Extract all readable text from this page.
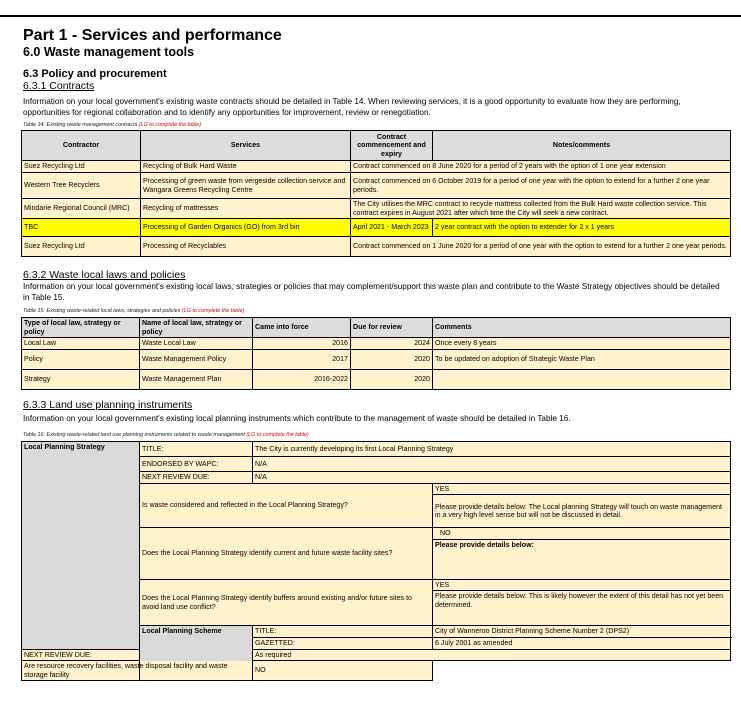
Part 1 - Services and performance
6.0 Waste management tools
6.3 Policy and procurement
6.3.1 Contracts
Information on your local government's existing waste contracts should be detailed in Table 14. When reviewing services, it is a good opportunity to evaluate how they are performing, opportunities for regional collaboration and to identify any opportunities for improvement, review or renegotiation.
Table 14: Existing waste management contracts (LG to complete the table)
Contractor	Services	Contract commencement and expiry	Notes/comments
Suez Recycling Ltd	Recycling of Bulk Hard Waste	Contract commenced on 8 June 2020 for a period of 2 years with the option of 1 one year extension	
Western Tree Recyclers	Processing of green waste from vergeside collection service and Wangara Greens Recycling Centre	Contract commenced on 6 October 2019 for a period of one year with the option to extend for a further 2 one year periods.	
Mindarie Regional Council (MRC)	Recycling of mattresses	The City utilises the MRC contract to recycle mattress collected from the Bulk Hard waste collection service. This contract expires in August 2021 after which time the City will seek a new contract.	
TBC	Processing of Garden Organics (GO) from 3rd bin	April 2021 - March 2023	2 year contract with the option to extender for 2 x 1 years
Suez Recycling Ltd	Processing of Recyclables	Contract commenced on 1 June 2020 for a period of one year with the option to extend for a further 2 one year periods.	
6.3.2 Waste local laws and policies
Information on your local government's existing local laws, strategies or policies that may complement/support this waste plan and contribute to the Waste Strategy objectives should be detailed in Table 15.
Table 15: Existing waste-related local laws, strategies and policies (LG to complete the table)
Type of local law, strategy or policy	Name of local law, strategy or policy	Came into force	Due for review	Comments
Local Law	Waste Local Law	2016	2024	Once every 8 years
Policy	Waste Management Policy	2017	2020	To be updated on adoption of Strategic Waste Plan
Strategy	Waste Management Plan	2016-2022	2020	
6.3.3 Land use planning instruments
Information on your local government's existing local planning instruments which contribute to the management of waste should be detailed in Table 16.
Table 16: Existing waste-related land use planning instruments related to waste management (LG to complete the table)
Local Planning Strategy	TITLE:	The City is currently developing its first Local Planning Strategy	
	ENDORSED BY WAPC:	N/A	
	NEXT REVIEW DUE:	N/A	
	Is waste considered and reflected in the Local Planning Strategy?		YES
			Please provide details below: The Local planning Strategy will touch on waste management in a very high level sense but will not be discussed in detail.
	Does the Local Planning Strategy identify current and future waste facility sites?		NO
			Please provide details below:
	Does the Local Planning Strategy identify buffers around existing and/or future sites to avoid land use conflict?		YES
			Please provide details below: This is likely however the extent of this detail has not yet been determined.
	Local Planning Scheme	TITLE:	City of Wanneroo District Planning Scheme Number 2 (DPS2)
		GAZETTED:	6 July 2001 as amended
NEXT REVIEW DUE:		As required	
Are resource recovery facilities, waste disposal facility and waste storage facility		NO	
